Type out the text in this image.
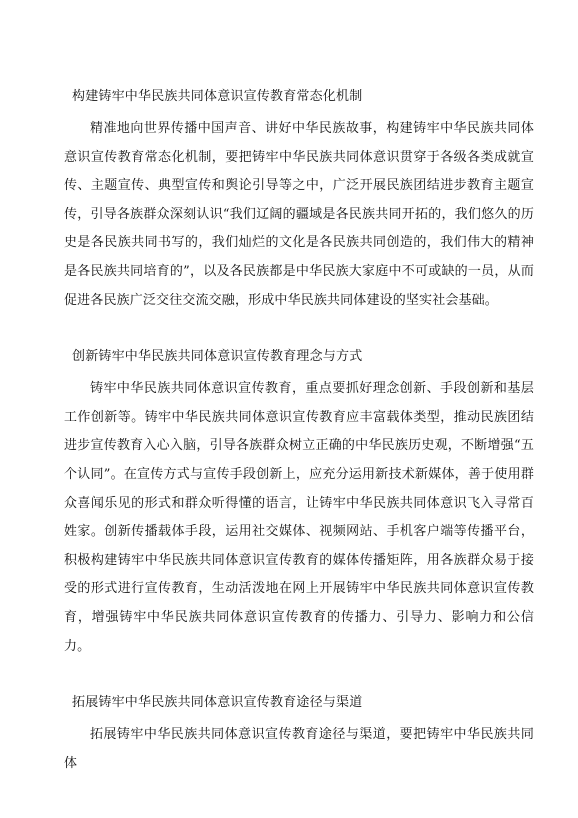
构建铸牢中华民族共同体意识宣传教育常态化机制

精准地向世界传播中国声音、讲好中华民族故事，构建铸牢中华民族共同体意识宣传教育常态化机制，要把铸牢中华民族共同体意识贯穿于各级各类成就宣传、主题宣传、典型宣传和舆论引导等之中，广泛开展民族团结进步教育主题宣传，引导各族群众深刻认识“我们辽阔的疆域是各民族共同开拓的，我们悠久的历史是各民族共同书写的，我们灿烂的文化是各民族共同创造的，我们伟大的精神是各民族共同培育的”，以及各民族都是中华民族大家庭中不可或缺的一员，从而促进各民族广泛交往交流交融，形成中华民族共同体建设的坚实社会基础。

创新铸牢中华民族共同体意识宣传教育理念与方式

铸牢中华民族共同体意识宣传教育，重点要抓好理念创新、手段创新和基层工作创新等。铸牢中华民族共同体意识宣传教育应丰富载体类型，推动民族团结进步宣传教育入心入脑，引导各族群众树立正确的中华民族历史观，不断增强“五个认同”。在宣传方式与宣传手段创新上，应充分运用新技术新媒体，善于使用群众喜闻乐见的形式和群众听得懂的语言，让铸牢中华民族共同体意识飞入寻常百姓家。创新传播载体手段，运用社交媒体、视频网站、手机客户端等传播平台，积极构建铸牢中华民族共同体意识宣传教育的媒体传播矩阵，用各族群众易于接受的形式进行宣传教育，生动活泼地在网上开展铸牢中华民族共同体意识宣传教育，增强铸牢中华民族共同体意识宣传教育的传播力、引导力、影响力和公信力。

拓展铸牢中华民族共同体意识宣传教育途径与渠道

拓展铸牢中华民族共同体意识宣传教育途径与渠道，要把铸牢中华民族共同体
